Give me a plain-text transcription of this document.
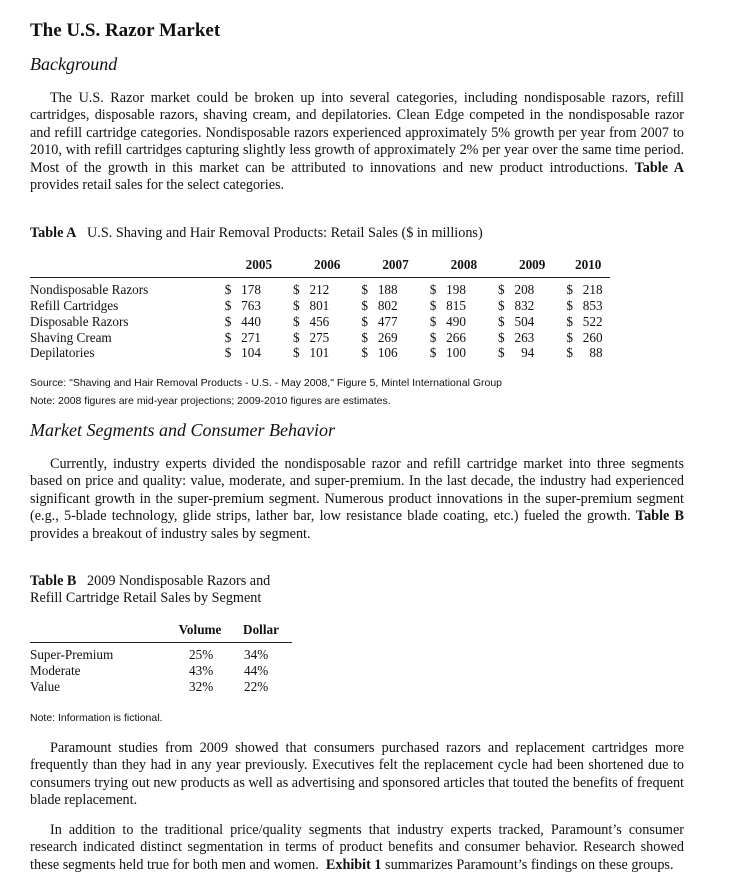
The U.S. Razor Market
Background

The U.S. Razor market could be broken up into several categories, including nondisposable razors, refill cartridges, disposable razors, shaving cream, and depilatories. Clean Edge competed in the nondisposable razor and refill cartridge categories. Nondisposable razors experienced approximately 5% growth per year from 2007 to 2010, with refill cartridges capturing slightly less growth of approximately 2% per year over the same time period. Most of the growth in this market can be attributed to innovations and new product introductions. Table A provides retail sales for the select categories.

Table A U.S. Shaving and Hair Removal Products: Retail Sales ($ in millions)
	2005			2006			2007			2008			2009			2010		

Nondisposable Razors	$	178		$	212		$	188		$	198		$	208		$	218	
Refill Cartridges	$	763		$	801		$	802		$	815		$	832		$	853	
Disposable Razors	$	440		$	456		$	477		$	490		$	504		$	522	
Shaving Cream	$	271		$	275		$	269		$	266		$	263		$	260	
Depilatories	$	104		$	101		$	106		$	100		$	94		$	88	
Source: "Shaving and Hair Removal Products - U.S. - May 2008," Figure 5, Mintel International Group
Note: 2008 figures are mid-year projections; 2009-2010 figures are estimates.
Market Segments and Consumer Behavior

Currently, industry experts divided the nondisposable razor and refill cartridge market into three segments based on price and quality: value, moderate, and super-premium. In the last decade, the industry had experienced significant growth in the super-premium segment. Numerous product innovations in the super-premium segment (e.g., 5-blade technology, glide strips, lather bar, low resistance blade coating, etc.) fueled the growth. Table B provides a breakout of industry sales by segment.

Table B 2009 Nondisposable Razors and
Refill Cartridge Retail Sales by Segment
	Volume	Dollar

Super-Premium	25%	34%
Moderate	43%	44%
Value	32%	22%
Note: Information is fictional.

Paramount studies from 2009 showed that consumers purchased razors and replacement cartridges more frequently than they had in any year previously. Executives felt the replacement cycle had been shortened due to consumers trying out new products as well as advertising and sponsored articles that touted the benefits of frequent blade replacement.

In addition to the traditional price/quality segments that industry experts tracked, Paramount’s consumer research indicated distinct segmentation in terms of product benefits and consumer behavior. Research showed these segments held true for both men and women. Exhibit 1 summarizes Paramount’s findings on these groups.
